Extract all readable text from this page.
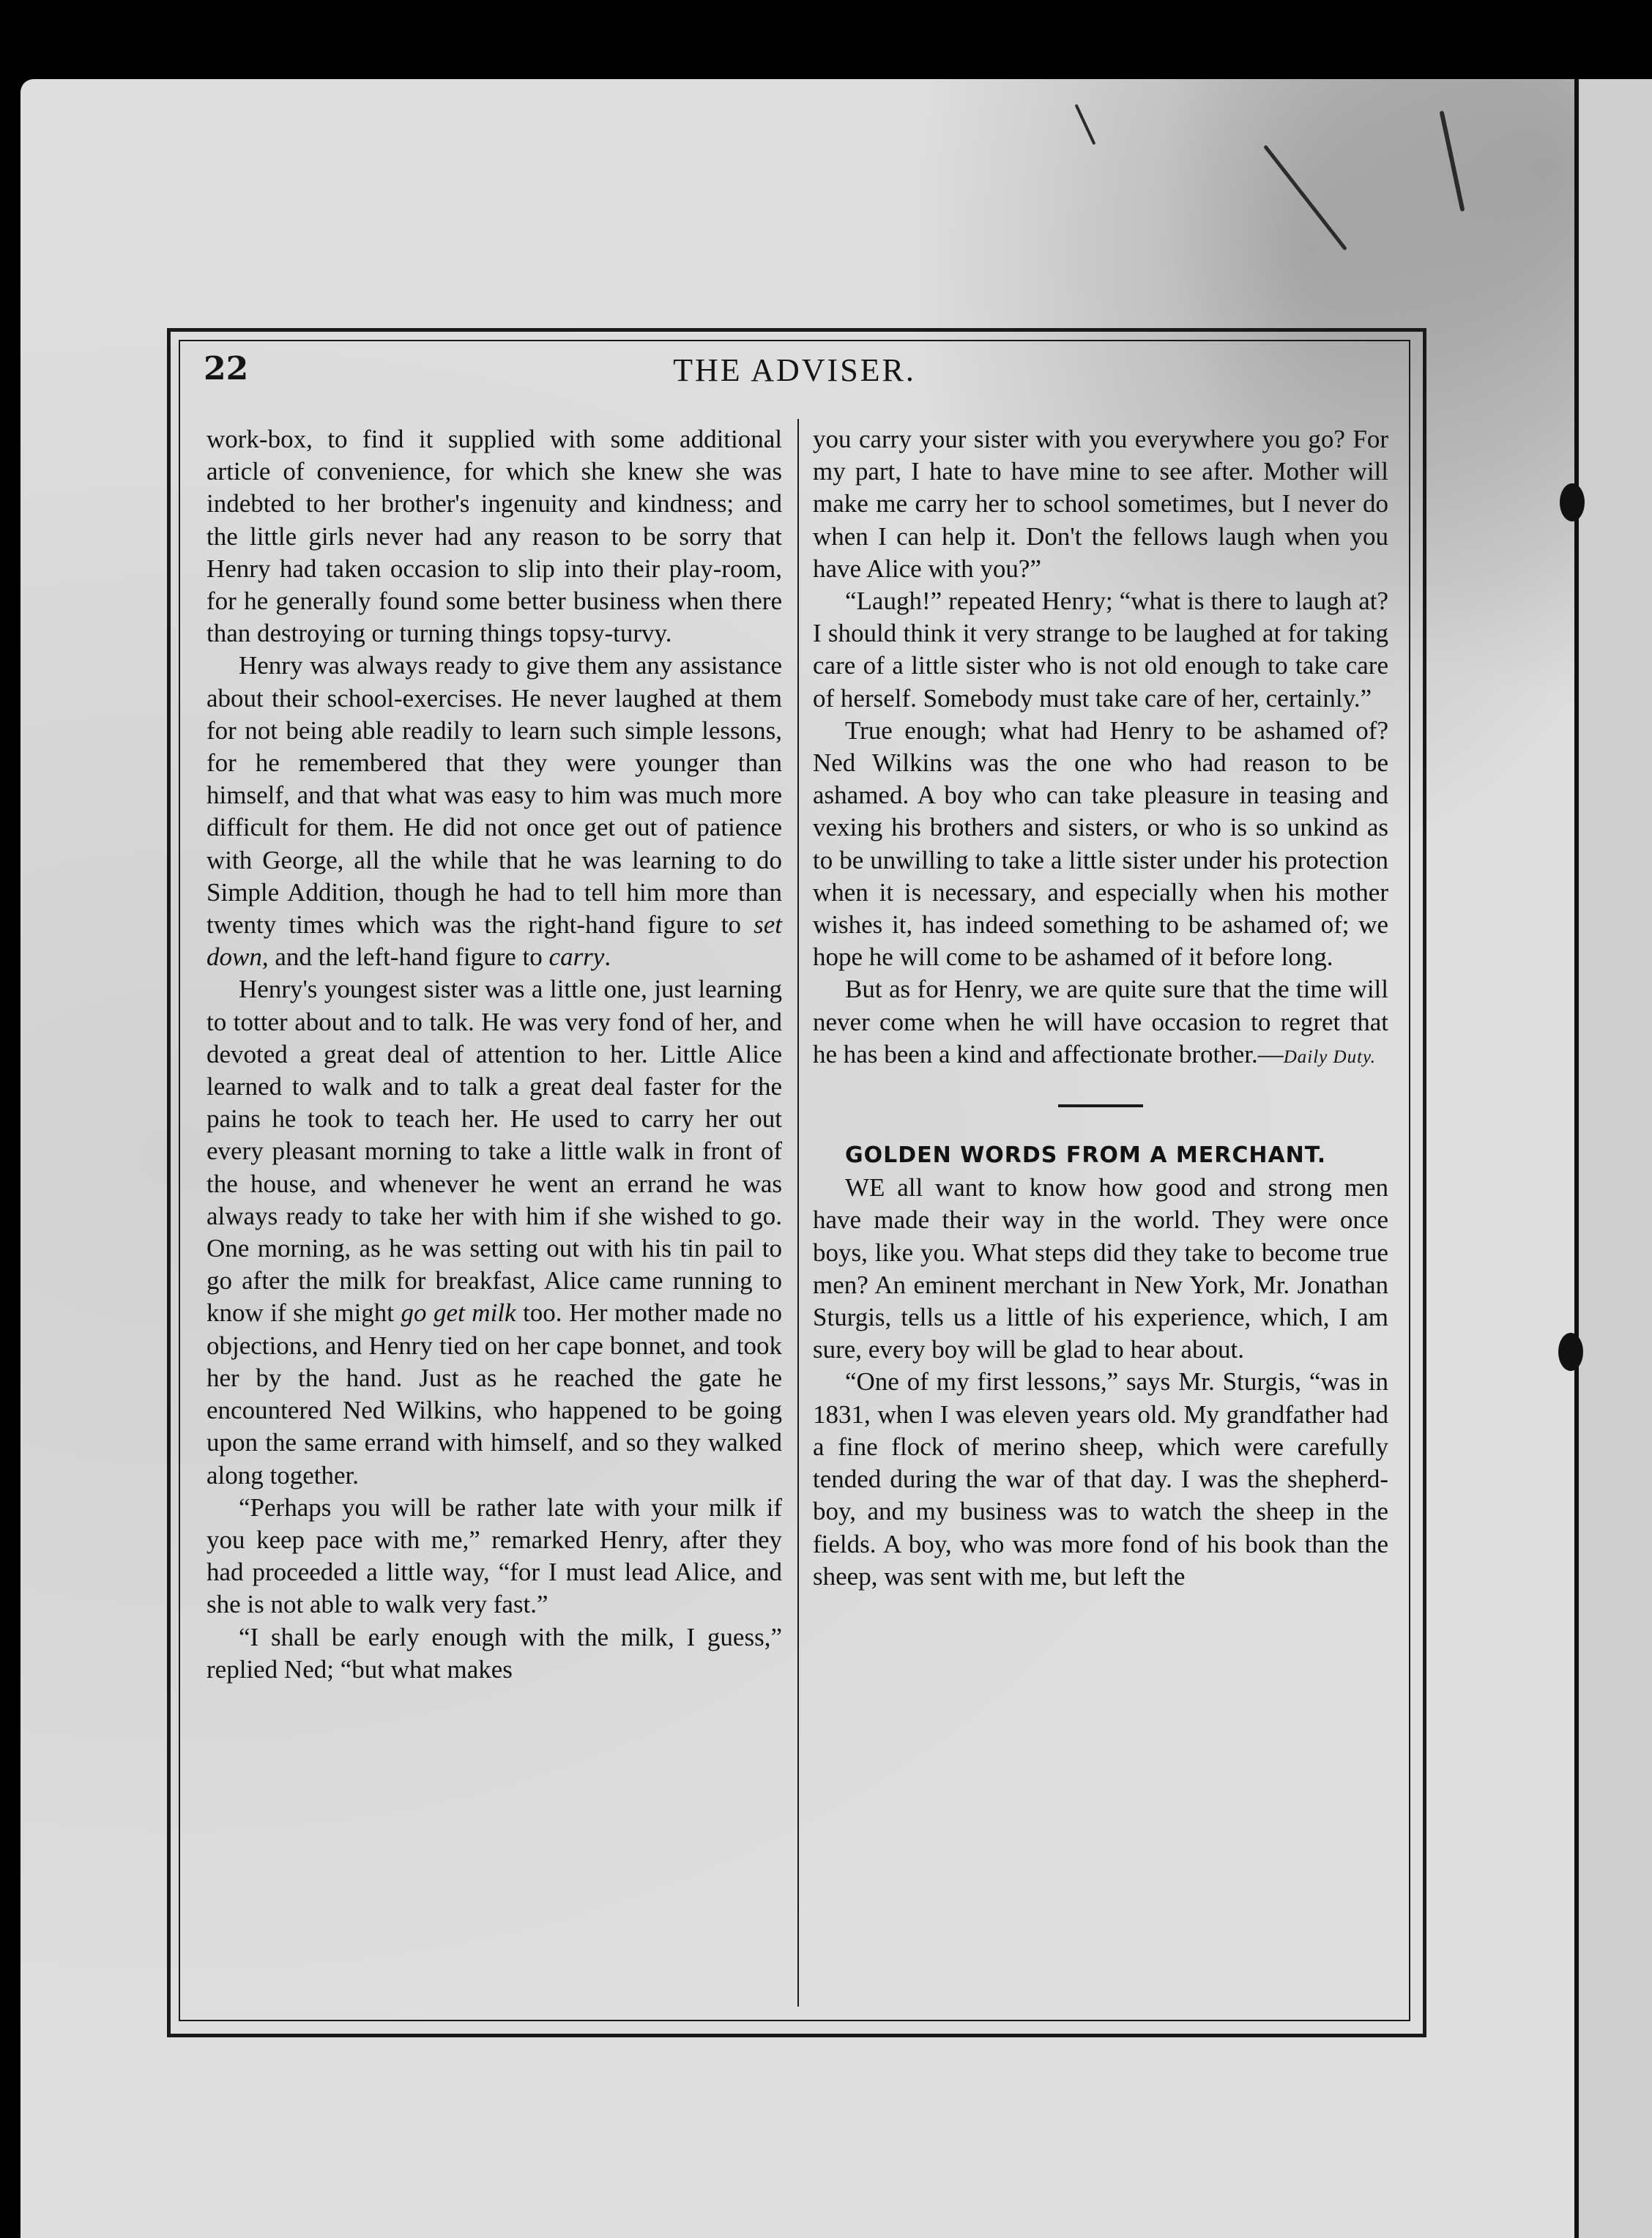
22	THE ADVISER.

work-box, to find it supplied with some additional article of convenience, for which she knew she was indebted to her brother's ingenuity and kindness; and the little girls never had any reason to be sorry that Henry had taken occasion to slip into their play-room, for he generally found some better business when there than destroying or turning things topsy-turvy.

Henry was always ready to give them any assistance about their school-exercises. He never laughed at them for not being able readily to learn such simple lessons, for he remembered that they were younger than himself, and that what was easy to him was much more difficult for them. He did not once get out of patience with George, all the while that he was learning to do Simple Addition, though he had to tell him more than twenty times which was the right-hand figure to set down, and the left-hand figure to carry.

Henry's youngest sister was a little one, just learning to totter about and to talk. He was very fond of her, and devoted a great deal of attention to her. Little Alice learned to walk and to talk a great deal faster for the pains he took to teach her. He used to carry her out every pleasant morning to take a little walk in front of the house, and whenever he went an errand he was always ready to take her with him if she wished to go. One morning, as he was setting out with his tin pail to go after the milk for breakfast, Alice came running to know if she might go get milk too. Her mother made no objections, and Henry tied on her cape bonnet, and took her by the hand. Just as he reached the gate he encountered Ned Wilkins, who happened to be going upon the same errand with himself, and so they walked along together.

“Perhaps you will be rather late with your milk if you keep pace with me,” remarked Henry, after they had proceeded a little way, “for I must lead Alice, and she is not able to walk very fast.”

“I shall be early enough with the milk, I guess,” replied Ned; “but what makes

you carry your sister with you everywhere you go? For my part, I hate to have mine to see after. Mother will make me carry her to school sometimes, but I never do when I can help it. Don't the fellows laugh when you have Alice with you?”

“Laugh!” repeated Henry; “what is there to laugh at? I should think it very strange to be laughed at for taking care of a little sister who is not old enough to take care of herself. Somebody must take care of her, certainly.”

True enough; what had Henry to be ashamed of? Ned Wilkins was the one who had reason to be ashamed. A boy who can take pleasure in teasing and vexing his brothers and sisters, or who is so unkind as to be unwilling to take a little sister under his protection when it is necessary, and especially when his mother wishes it, has indeed something to be ashamed of; we hope he will come to be ashamed of it before long.

But as for Henry, we are quite sure that the time will never come when he will have occasion to regret that he has been a kind and affectionate brother.—Daily Duty.

GOLDEN WORDS FROM A MERCHANT.

WE all want to know how good and strong men have made their way in the world. They were once boys, like you. What steps did they take to become true men? An eminent merchant in New York, Mr. Jonathan Sturgis, tells us a little of his experience, which, I am sure, every boy will be glad to hear about.

“One of my first lessons,” says Mr. Sturgis, “was in 1831, when I was eleven years old. My grandfather had a fine flock of merino sheep, which were carefully tended during the war of that day. I was the shepherd-boy, and my business was to watch the sheep in the fields. A boy, who was more fond of his book than the sheep, was sent with me, but left the
